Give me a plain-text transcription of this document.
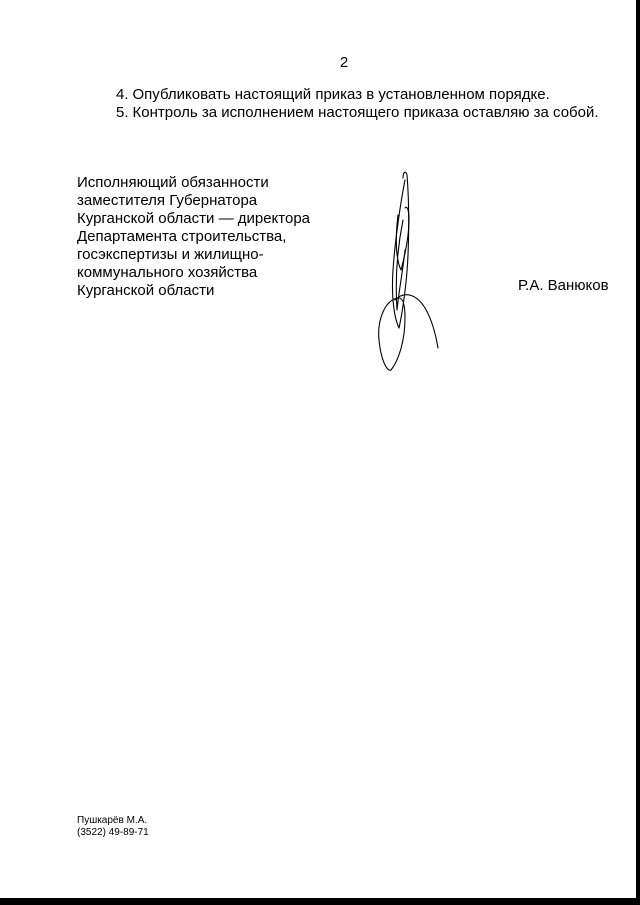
2
4. Опубликовать настоящий приказ в установленном порядке.
5. Контроль за исполнением настоящего приказа оставляю за собой.
Исполняющий обязанности
заместителя Губернатора
Курганской области — директора
Департамента строительства,
госэкспертизы и жилищно-
коммунального хозяйства
Курганской области	Р.А. Ванюков
Пушкарёв М.А.
(3522) 49-89-71
